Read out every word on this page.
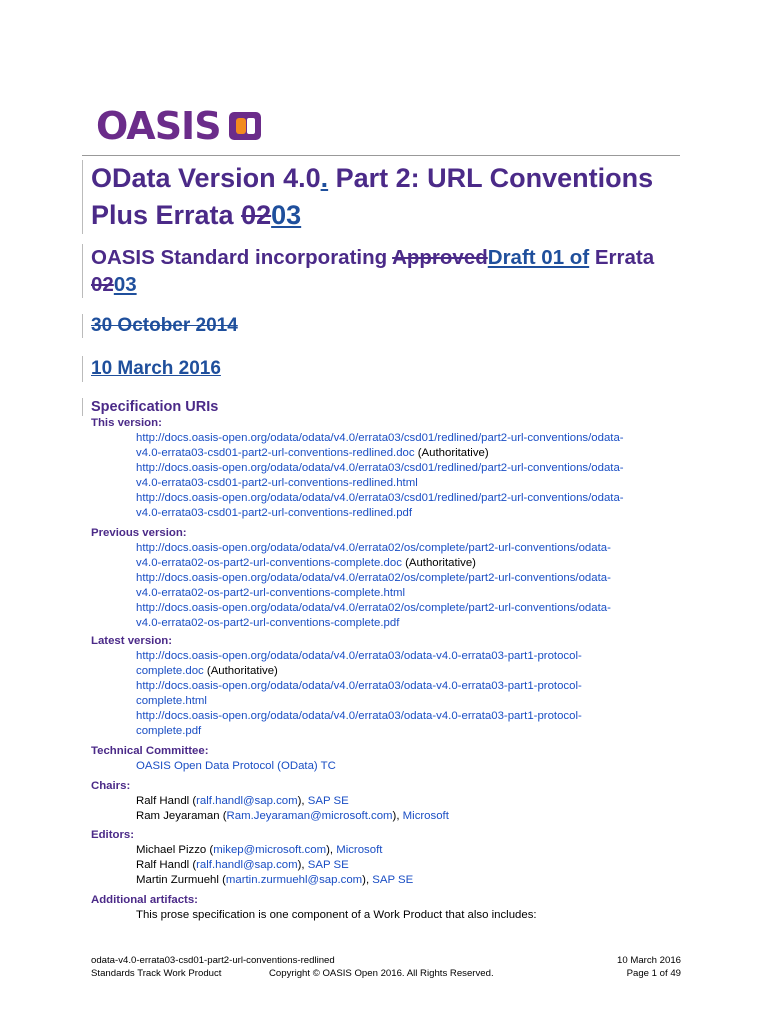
OASIS
OData Version 4.0. Part 2: URL Conventions Plus Errata 0203
OASIS Standard incorporating ApprovedDraft 01 of Errata 0203
30 October 2014
10 March 2016
Specification URIs
This version:
http://docs.oasis-open.org/odata/odata/v4.0/errata03/csd01/redlined/part2-url-conventions/odata-
v4.0-errata03-csd01-part2-url-conventions-redlined.doc (Authoritative)
http://docs.oasis-open.org/odata/odata/v4.0/errata03/csd01/redlined/part2-url-conventions/odata-
v4.0-errata03-csd01-part2-url-conventions-redlined.html
http://docs.oasis-open.org/odata/odata/v4.0/errata03/csd01/redlined/part2-url-conventions/odata-
v4.0-errata03-csd01-part2-url-conventions-redlined.pdf
Previous version:
http://docs.oasis-open.org/odata/odata/v4.0/errata02/os/complete/part2-url-conventions/odata-
v4.0-errata02-os-part2-url-conventions-complete.doc (Authoritative)
http://docs.oasis-open.org/odata/odata/v4.0/errata02/os/complete/part2-url-conventions/odata-
v4.0-errata02-os-part2-url-conventions-complete.html
http://docs.oasis-open.org/odata/odata/v4.0/errata02/os/complete/part2-url-conventions/odata-
v4.0-errata02-os-part2-url-conventions-complete.pdf
Latest version:
http://docs.oasis-open.org/odata/odata/v4.0/errata03/odata-v4.0-errata03-part1-protocol-
complete.doc (Authoritative)
http://docs.oasis-open.org/odata/odata/v4.0/errata03/odata-v4.0-errata03-part1-protocol-
complete.html
http://docs.oasis-open.org/odata/odata/v4.0/errata03/odata-v4.0-errata03-part1-protocol-
complete.pdf
Technical Committee:
OASIS Open Data Protocol (OData) TC
Chairs:
Ralf Handl (ralf.handl@sap.com), SAP SE
Ram Jeyaraman (Ram.Jeyaraman@microsoft.com), Microsoft
Editors:
Michael Pizzo (mikep@microsoft.com), Microsoft
Ralf Handl (ralf.handl@sap.com), SAP SE
Martin Zurmuehl (martin.zurmuehl@sap.com), SAP SE
Additional artifacts:
This prose specification is one component of a Work Product that also includes:
odata-v4.0-errata03-csd01-part2-url-conventions-redlined
Standards Track Work Product	Copyright © OASIS Open 2016. All Rights Reserved.
10 March 2016
Page 1 of 49
